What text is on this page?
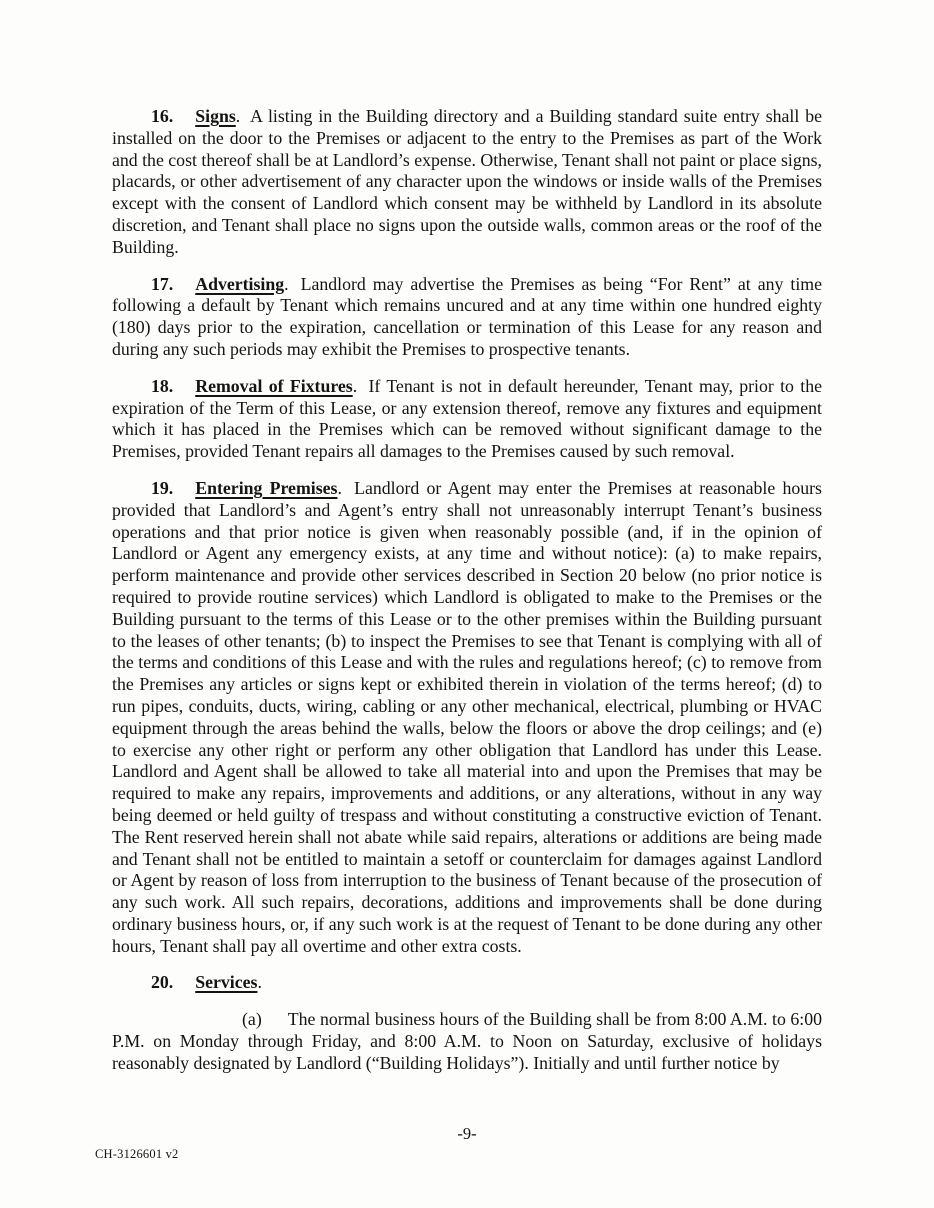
16. Signs. A listing in the Building directory and a Building standard suite entry shall be installed on the door to the Premises or adjacent to the entry to the Premises as part of the Work and the cost thereof shall be at Landlord’s expense. Otherwise, Tenant shall not paint or place signs, placards, or other advertisement of any character upon the windows or inside walls of the Premises except with the consent of Landlord which consent may be withheld by Landlord in its absolute discretion, and Tenant shall place no signs upon the outside walls, common areas or the roof of the Building.

17. Advertising. Landlord may advertise the Premises as being “For Rent” at any time following a default by Tenant which remains uncured and at any time within one hundred eighty (180) days prior to the expiration, cancellation or termination of this Lease for any reason and during any such periods may exhibit the Premises to prospective tenants.

18. Removal of Fixtures. If Tenant is not in default hereunder, Tenant may, prior to the expiration of the Term of this Lease, or any extension thereof, remove any fixtures and equipment which it has placed in the Premises which can be removed without significant damage to the Premises, provided Tenant repairs all damages to the Premises caused by such removal.

19. Entering Premises. Landlord or Agent may enter the Premises at reasonable hours provided that Landlord’s and Agent’s entry shall not unreasonably interrupt Tenant’s business operations and that prior notice is given when reasonably possible (and, if in the opinion of Landlord or Agent any emergency exists, at any time and without notice): (a) to make repairs, perform maintenance and provide other services described in Section 20 below (no prior notice is required to provide routine services) which Landlord is obligated to make to the Premises or the Building pursuant to the terms of this Lease or to the other premises within the Building pursuant to the leases of other tenants; (b) to inspect the Premises to see that Tenant is complying with all of the terms and conditions of this Lease and with the rules and regulations hereof; (c) to remove from the Premises any articles or signs kept or exhibited therein in violation of the terms hereof; (d) to run pipes, conduits, ducts, wiring, cabling or any other mechanical, electrical, plumbing or HVAC equipment through the areas behind the walls, below the floors or above the drop ceilings; and (e) to exercise any other right or perform any other obligation that Landlord has under this Lease. Landlord and Agent shall be allowed to take all material into and upon the Premises that may be required to make any repairs, improvements and additions, or any alterations, without in any way being deemed or held guilty of trespass and without constituting a constructive eviction of Tenant. The Rent reserved herein shall not abate while said repairs, alterations or additions are being made and Tenant shall not be entitled to maintain a setoff or counterclaim for damages against Landlord or Agent by reason of loss from interruption to the business of Tenant because of the prosecution of any such work. All such repairs, decorations, additions and improvements shall be done during ordinary business hours, or, if any such work is at the request of Tenant to be done during any other hours, Tenant shall pay all overtime and other extra costs.

20. Services.

(a) The normal business hours of the Building shall be from 8:00 A.M. to 6:00 P.M. on Monday through Friday, and 8:00 A.M. to Noon on Saturday, exclusive of holidays reasonably designated by Landlord (“Building Holidays”). Initially and until further notice by

-9-
CH-3126601 v2
